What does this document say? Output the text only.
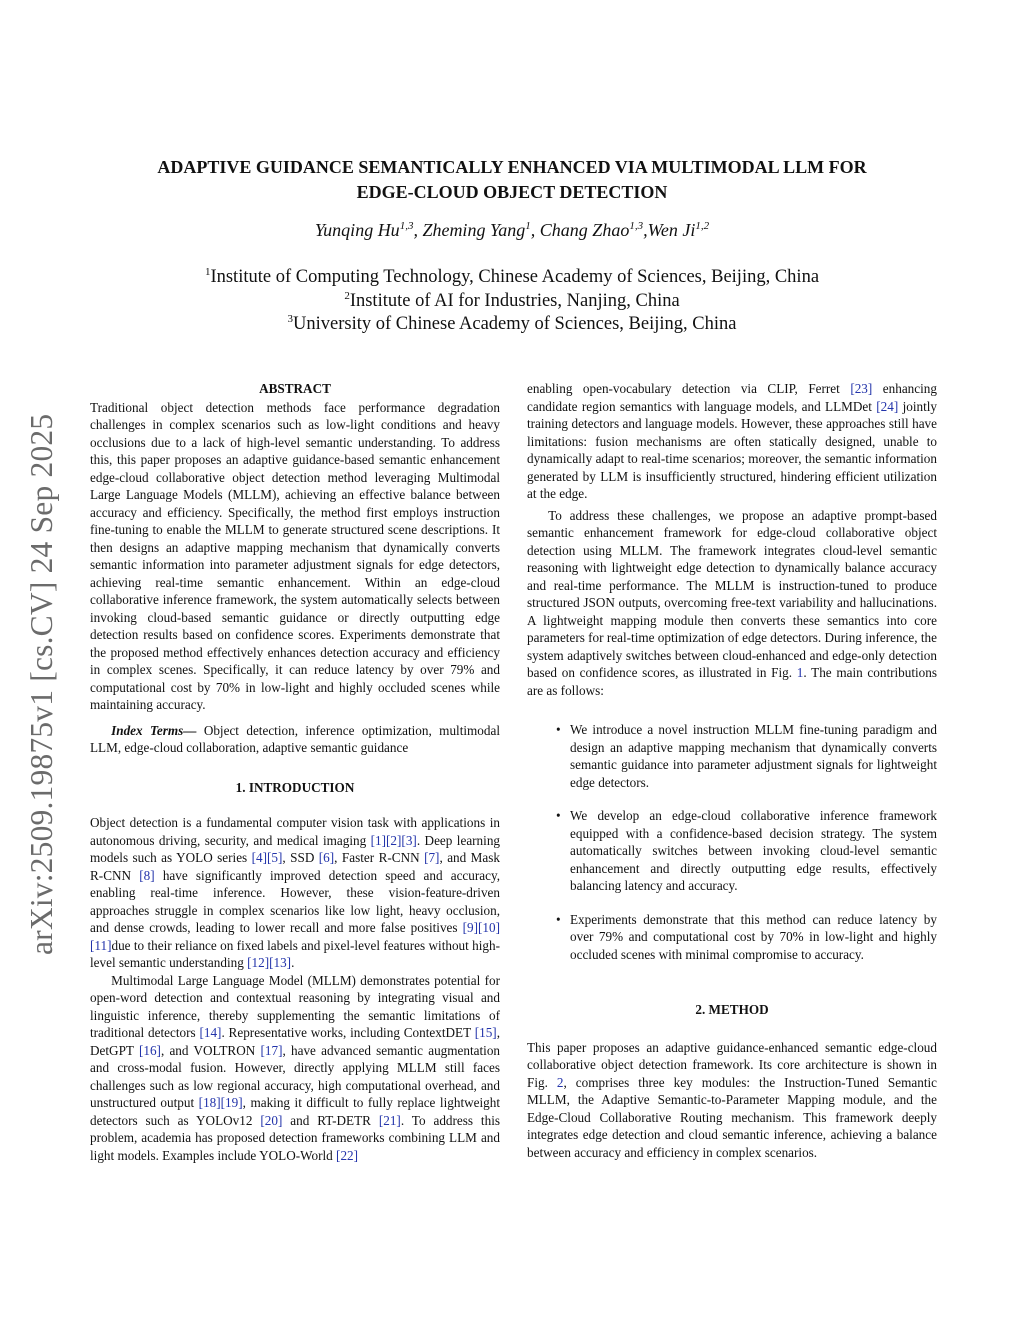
arXiv:2509.19875v1 [cs.CV] 24 Sep 2025
ADAPTIVE GUIDANCE SEMANTICALLY ENHANCED VIA MULTIMODAL LLM FOR
EDGE-CLOUD OBJECT DETECTION
Yunqing Hu$^{1,3}$, Zheming Yang$^1$, Chang Zhao$^{1,3}$,Wen Ji$^{1,2}$
$^1$Institute of Computing Technology, Chinese Academy of Sciences, Beijing, China
$^2$Institute of AI for Industries, Nanjing, China
$^3$University of Chinese Academy of Sciences, Beijing, China
ABSTRACT

Traditional object detection methods face performance degradation challenges in complex scenarios such as low-light conditions and heavy occlusions due to a lack of high-level semantic understanding. To address this, this paper proposes an adaptive guidance-based semantic enhancement edge-cloud collaborative object detection method leveraging Multimodal Large Language Models (MLLM), achieving an effective balance between accuracy and efficiency. Specifically, the method first employs instruction fine-tuning to enable the MLLM to generate structured scene descriptions. It then designs an adaptive mapping mechanism that dynamically converts semantic information into parameter adjustment signals for edge detectors, achieving real-time semantic enhancement. Within an edge-cloud collaborative inference framework, the system automatically selects between invoking cloud-based semantic guidance or directly outputting edge detection results based on confidence scores. Experiments demonstrate that the proposed method effectively enhances detection accuracy and efficiency in complex scenes. Specifically, it can reduce latency by over 79% and computational cost by 70% in low-light and highly occluded scenes while maintaining accuracy.

Index Terms— Object detection, inference optimization, multimodal LLM, edge-cloud collaboration, adaptive semantic guidance

1. INTRODUCTION

Object detection is a fundamental computer vision task with applications in autonomous driving, security, and medical imaging [1][2][3]. Deep learning models such as YOLO series [4][5], SSD [6], Faster R-CNN [7], and Mask R-CNN [8] have significantly improved detection speed and accuracy, enabling real-time inference. However, these vision-feature-driven approaches struggle in complex scenarios like low light, heavy occlusion, and dense crowds, leading to lower recall and more false positives [9][10][11]due to their reliance on fixed labels and pixel-level features without high-level semantic understanding [12][13].

Multimodal Large Language Model (MLLM) demonstrates potential for open-word detection and contextual reasoning by integrating visual and linguistic inference, thereby supplementing the semantic limitations of traditional detectors [14]. Representative works, including ContextDET [15], DetGPT [16], and VOLTRON [17], have advanced semantic augmentation and cross-modal fusion. However, directly applying MLLM still faces challenges such as low regional accuracy, high computational overhead, and unstructured output [18][19], making it difficult to fully replace lightweight detectors such as YOLOv12 [20] and RT-DETR [21]. To address this problem, academia has proposed detection frameworks combining LLM and light models. Examples include YOLO-World [22]

enabling open-vocabulary detection via CLIP, Ferret [23] enhancing candidate region semantics with language models, and LLMDet [24] jointly training detectors and language models. However, these approaches still have limitations: fusion mechanisms are often statically designed, unable to dynamically adapt to real-time scenarios; moreover, the semantic information generated by LLM is insufficiently structured, hindering efficient utilization at the edge.

To address these challenges, we propose an adaptive prompt-based semantic enhancement framework for edge-cloud collaborative object detection using MLLM. The framework integrates cloud-level semantic reasoning with lightweight edge detection to dynamically balance accuracy and real-time performance. The MLLM is instruction-tuned to produce structured JSON outputs, overcoming free-text variability and hallucinations. A lightweight mapping module then converts these semantics into core parameters for real-time optimization of edge detectors. During inference, the system adaptively switches between cloud-enhanced and edge-only detection based on confidence scores, as illustrated in Fig. 1. The main contributions are as follows:

• We introduce a novel instruction MLLM fine-tuning paradigm and design an adaptive mapping mechanism that dynamically converts semantic guidance into parameter adjustment signals for lightweight edge detectors.
• We develop an edge-cloud collaborative inference framework equipped with a confidence-based decision strategy. The system automatically switches between invoking cloud-level semantic enhancement and directly outputting edge results, effectively balancing latency and accuracy.
• Experiments demonstrate that this method can reduce latency by over 79% and computational cost by 70% in low-light and highly occluded scenes with minimal compromise to accuracy.
2. METHOD

This paper proposes an adaptive guidance-enhanced semantic edge-cloud collaborative object detection framework. Its core architecture is shown in Fig. 2, comprises three key modules: the Instruction-Tuned Semantic MLLM, the Adaptive Semantic-to-Parameter Mapping module, and the Edge-Cloud Collaborative Routing mechanism. This framework deeply integrates edge detection and cloud semantic inference, achieving a balance between accuracy and efficiency in complex scenarios.
